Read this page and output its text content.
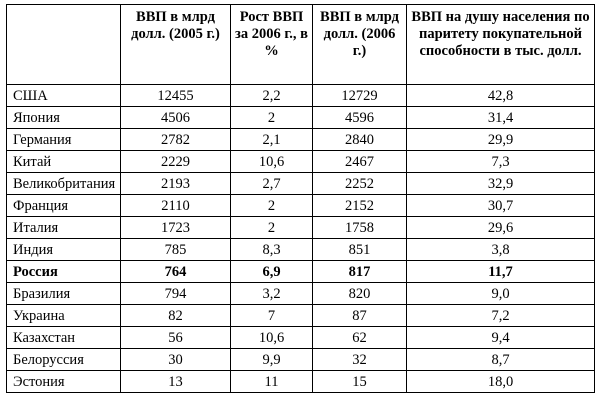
	ВВП в млрд долл. (2005 г.)	Рост ВВП за 2006 г., в %	ВВП в млрд долл. (2006 г.)	ВВП на душу населения по паритету покупательной способности в тыс. долл.
США	12455	2,2	12729	42,8
Япония	4506	2	4596	31,4
Германия	2782	2,1	2840	29,9
Китай	2229	10,6	2467	7,3
Великобритания	2193	2,7	2252	32,9
Франция	2110	2	2152	30,7
Италия	1723	2	1758	29,6
Индия	785	8,3	851	3,8
Россия	764	6,9	817	11,7
Бразилия	794	3,2	820	9,0
Украина	82	7	87	7,2
Казахстан	56	10,6	62	9,4
Белоруссия	30	9,9	32	8,7
Эстония	13	11	15	18,0
